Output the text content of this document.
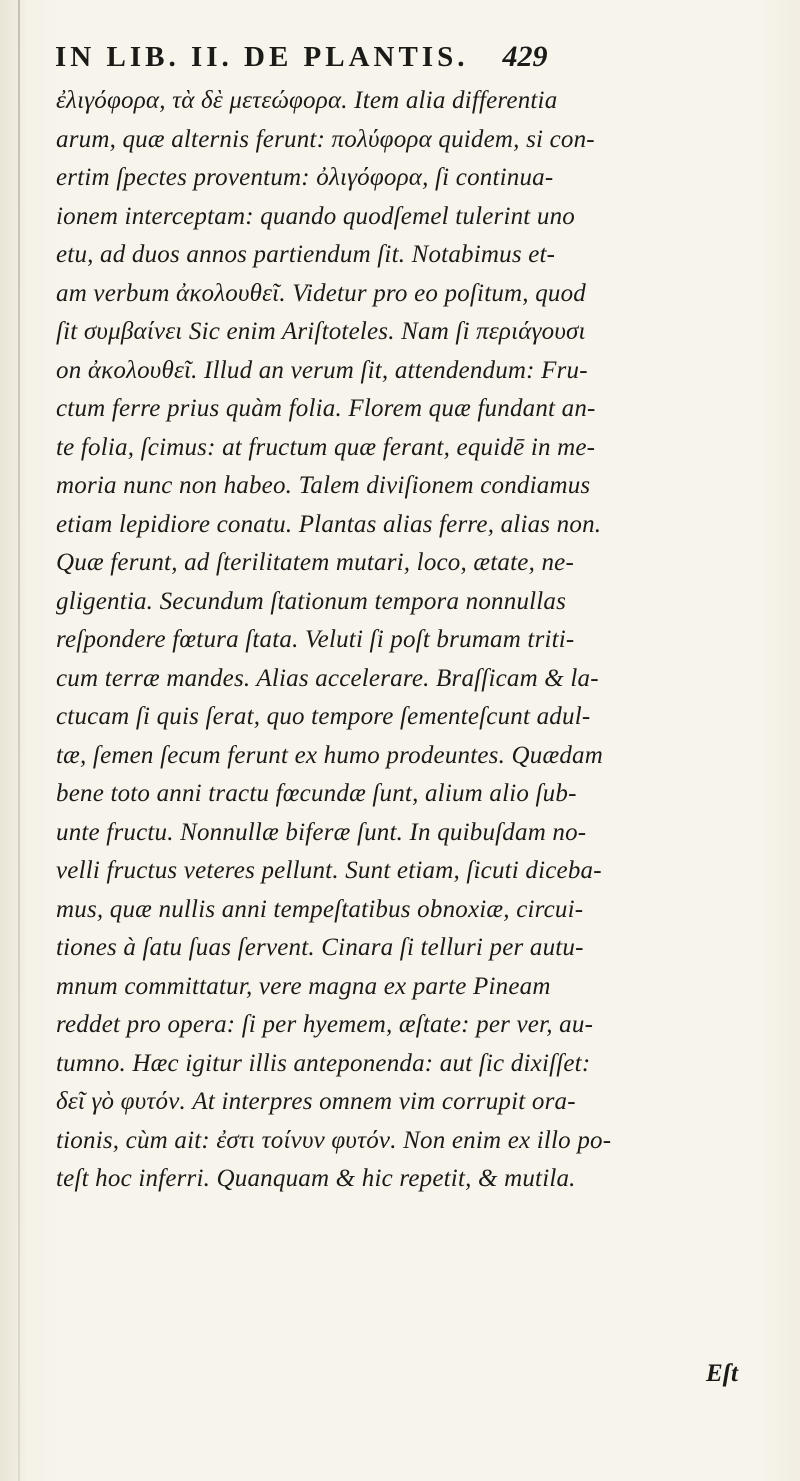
IN LIB. II. DE PLANTIS. 429
ἐλιγόφορα, τὰ δὲ μετεώφορα. Item alia differentia
arum, quæ alternis ferunt: πολύφορα quidem, si con-
ertim ſpectes proventum: ὀλιγόφορα, ſi continua-
ionem interceptam: quando quodſemel tulerint uno
etu, ad duos annos partiendum ſit. Notabimus et-
am verbum ἀκολουθεῖ. Videtur pro eo poſitum, quod
ſit συμβαίνει Sic enim Ariſtoteles. Nam ſi περιάγουσι
on ἀκολουθεῖ. Illud an verum ſit, attendendum: Fru-
ctum ferre prius quàm folia. Florem quæ fundant an-
te folia, ſcimus: at fructum quæ ferant, equidē in me-
moria nunc non habeo. Talem diviſionem condiamus
etiam lepidiore conatu. Plantas alias ferre, alias non.
Quæ ferunt, ad ſterilitatem mutari, loco, ætate, ne-
gligentia. Secundum ſtationum tempora nonnullas
reſpondere fœtura ſtata. Veluti ſi poſt brumam triti-
cum terræ mandes. Alias accelerare. Braſſicam & la-
ctucam ſi quis ſerat, quo tempore ſementeſcunt adul-
tæ, ſemen ſecum ferunt ex humo prodeuntes. Quædam
bene toto anni tractu fœcundæ ſunt, alium alio ſub-
unte fructu. Nonnullæ biferæ ſunt. In quibuſdam no-
velli fructus veteres pellunt. Sunt etiam, ſicuti diceba-
mus, quæ nullis anni tempeſtatibus obnoxiæ, circui-
tiones à ſatu ſuas ſervent. Cinara ſi telluri per autu-
mnum committatur, vere magna ex parte Pineam
reddet pro opera: ſi per hyemem, æſtate: per ver, au-
tumno. Hæc igitur illis anteponenda: aut ſic dixiſſet:
δεῖ γὸ φυτόν. At interpres omnem vim corrupit ora-
tionis, cùm ait: ἐστι τοίνυν φυτόν. Non enim ex illo po-
teſt hoc inferri. Quanquam & hic repetit, & mutila.
Eſt
